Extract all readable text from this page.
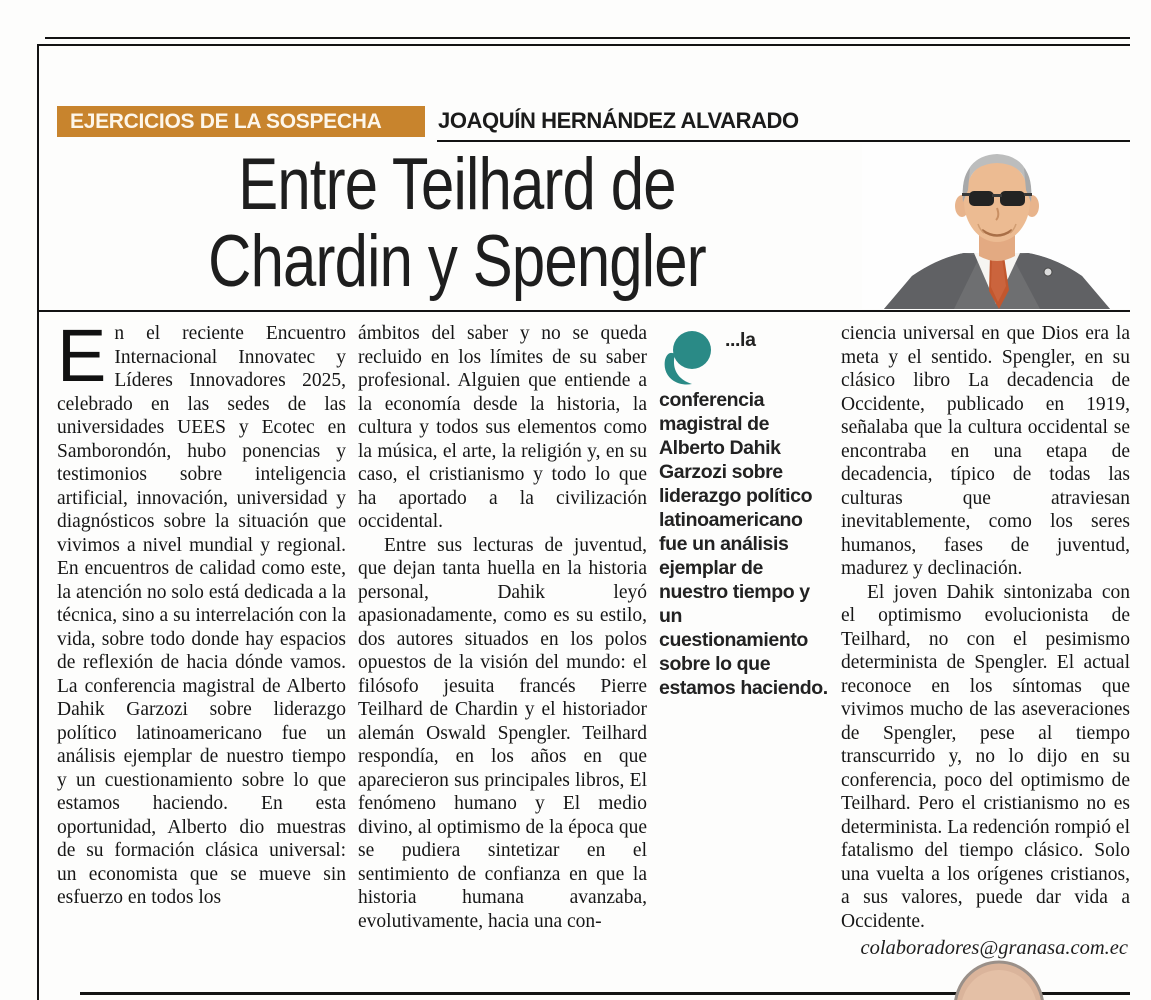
EJERCICIOS DE LA SOSPECHA	JOAQUÍN HERNÁNDEZ ALVARADO
Entre Teilhard de
Chardin y Spengler

En el reciente Encuentro Internacional Innovatec y Líderes Innovadores 2025, celebrado en las sedes de las universidades UEES y Ecotec en Samborondón, hubo ponencias y testimonios sobre inteligencia artificial, innovación, universidad y diagnósticos sobre la situación que vivimos a nivel mundial y regional. En encuentros de calidad como este, la atención no solo está dedicada a la técnica, sino a su interrelación con la vida, sobre todo donde hay espacios de reflexión de hacia dónde vamos. La conferencia magistral de Alberto Dahik Garzozi sobre liderazgo político latinoamericano fue un análisis ejemplar de nuestro tiempo y un cuestionamiento sobre lo que estamos haciendo. En esta oportunidad, Alberto dio muestras de su formación clásica universal: un economista que se mueve sin esfuerzo en todos los

ámbitos del saber y no se queda recluido en los límites de su saber profesional. Alguien que entiende a la economía desde la historia, la cultura y todos sus elementos como la música, el arte, la religión y, en su caso, el cristianismo y todo lo que ha aportado a la civilización occidental.

Entre sus lecturas de juventud, que dejan tanta huella en la historia personal, Dahik leyó apasionadamente, como es su estilo, dos autores situados en los polos opuestos de la visión del mundo: el filósofo jesuita francés Pierre Teilhard de Chardin y el historiador alemán Oswald Spengler. Teilhard respondía, en los años en que aparecieron sus principales libros, El fenómeno humano y El medio divino, al optimismo de la época que se pudiera sintetizar en el sentimiento de confianza en que la historia humana avanzaba, evolutivamente, hacia una con-

...la conferencia magistral de Alberto Dahik Garzozi sobre liderazgo político latinoamericano fue un análisis ejemplar de nuestro tiempo y un cuestionamiento sobre lo que estamos haciendo.

ciencia universal en que Dios era la meta y el sentido. Spengler, en su clásico libro La decadencia de Occidente, publicado en 1919, señalaba que la cultura occidental se encontraba en una etapa de decadencia, típico de todas las culturas que atraviesan inevitablemente, como los seres humanos, fases de juventud, madurez y declinación.

El joven Dahik sintonizaba con el optimismo evolucionista de Teilhard, no con el pesimismo determinista de Spengler. El actual reconoce en los síntomas que vivimos mucho de las aseveraciones de Spengler, pese al tiempo transcurrido y, no lo dijo en su conferencia, poco del optimismo de Teilhard. Pero el cristianismo no es determinista. La redención rompió el fatalismo del tiempo clásico. Solo una vuelta a los orígenes cristianos, a sus valores, puede dar vida a Occidente.

colaboradores@granasa.com.ec
